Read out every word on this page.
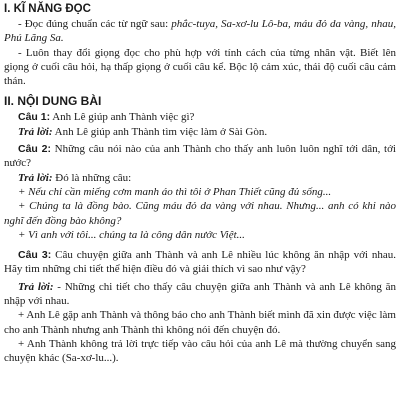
I. KĨ NĂNG ĐỌC

- Đọc đúng chuẩn các từ ngữ sau: phắc-tuya, Sa-xơ-lu Lô-ba, máu đỏ da vàng, nhau, Phú Lãng Sa.

- Luôn thay đổi giọng đọc cho phù hợp với tính cách của từng nhân vật. Biết lên giọng ở cuối câu hỏi, hạ thấp giọng ở cuối câu kể. Bộc lộ cảm xúc, thái độ cuối câu cảm thán.

II. NỘI DUNG BÀI

Câu 1: Anh Lê giúp anh Thành việc gì?

Trả lời: Anh Lê giúp anh Thành tìm việc làm ở Sài Gòn.

Câu 2: Những câu nói nào của anh Thành cho thấy anh luôn luôn nghĩ tới dân, tới nước?

Trả lời: Đó là những câu:

+ Nếu chỉ cần miếng cơm manh áo thì tôi ở Phan Thiết cũng đủ sống...

+ Chúng ta là đồng bào. Cũng máu đỏ da vàng với nhau. Nhưng... anh có khi nào nghĩ đến đồng bào không?

+ Vì anh với tôi... chúng ta là công dân nước Việt...

Câu 3: Câu chuyện giữa anh Thành và anh Lê nhiều lúc không ăn nhập với nhau. Hãy tìm những chi tiết thể hiện điều đó và giải thích vì sao như vậy?

Trả lời: - Những chi tiết cho thấy câu chuyện giữa anh Thành và anh Lê không ăn nhập với nhau.

+ Anh Lê gặp anh Thành và thông báo cho anh Thành biết mình đã xin được việc làm cho anh Thành nhưng anh Thành thì không nói đến chuyện đó.

+ Anh Thành không trả lời trực tiếp vào câu hỏi của anh Lê mà thường chuyển sang chuyện khác (Sa-xơ-lu...).
